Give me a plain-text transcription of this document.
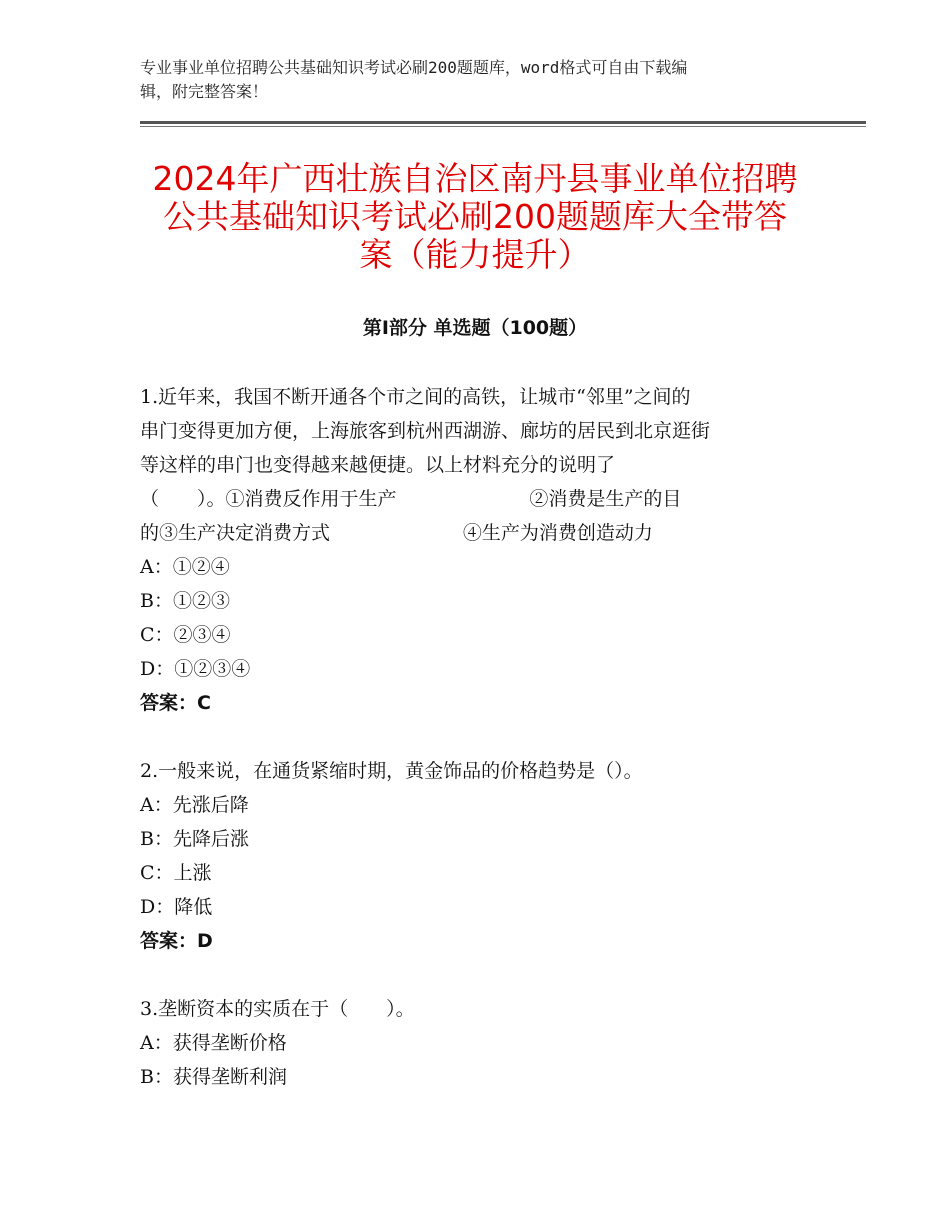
专业事业单位招聘公共基础知识考试必刷200题题库，word格式可自由下载编
辑，附完整答案！
2024年广西壮族自治区南丹县事业单位招聘
公共基础知识考试必刷200题题库大全带答
案（能力提升）
第Ⅰ部分 单选题（100题）
1.近年来，我国不断开通各个市之间的高铁，让城市“邻里”之间的
串门变得更加方便，上海旅客到杭州西湖游、廊坊的居民到北京逛街
等这样的串门也变得越来越便捷。以上材料充分的说明了
（　　）。①消费反作用于生产                      ②消费是生产的目
的③生产决定消费方式                      ④生产为消费创造动力
A：①②④
B：①②③
C：②③④
D：①②③④
答案：C
2.一般来说，在通货紧缩时期，黄金饰品的价格趋势是（）。
A：先涨后降
B：先降后涨
C：上涨
D：降低
答案：D
3.垄断资本的实质在于（　　）。
A：获得垄断价格
B：获得垄断利润
